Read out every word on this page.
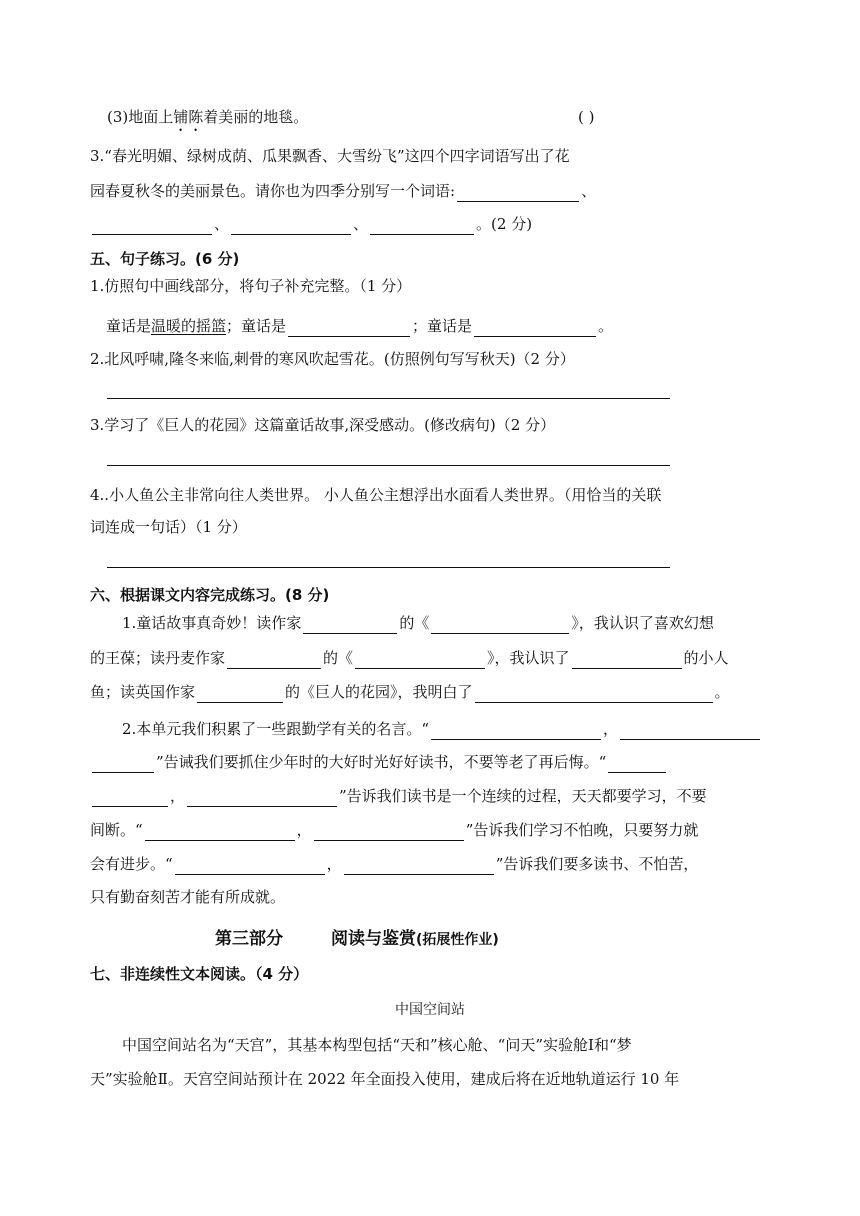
(3)地面上铺陈着美丽的地毯。	( )
3.“春光明媚、绿树成荫、瓜果飘香、大雪纷飞”这四个四字词语写出了花
园春夏秋冬的美丽景色。请你也为四季分别写一个词语:	、
、	、	。(2 分)
五、句子练习。(6 分)
1.仿照句中画线部分，将句子补充完整。（1 分）
童话是温暖的摇篮；童话是	；童话是	。
2.北风呼啸,隆冬来临,刺骨的寒风吹起雪花。(仿照例句写写秋天)（2 分）
3.学习了《巨人的花园》这篇童话故事,深受感动。(修改病句)（2 分）
4..小人鱼公主非常向往人类世界。 小人鱼公主想浮出水面看人类世界。（用恰当的关联
词连成一句话）（1 分）
六、根据课文内容完成练习。(8 分)
1.童话故事真奇妙！读作家	的《	》，我认识了喜欢幻想
的王葆；读丹麦作家	的《	》，我认识了	的小人
鱼；读英国作家	的《巨人的花园》，我明白了	。
2.本单元我们积累了一些跟勤学有关的名言。“	，
”告诫我们要抓住少年时的大好时光好好读书，不要等老了再后悔。“
，	”告诉我们读书是一个连续的过程，天天都要学习，不要
间断。“	，	”告诉我们学习不怕晚，只要努力就
会有进步。“	，	”告诉我们要多读书、不怕苦，
只有勤奋刻苦才能有所成就。
第三部分	阅读与鉴赏(拓展性作业)
七、非连续性文本阅读。（4 分）
中国空间站
中国空间站名为“天宫”，其基本构型包括“天和”核心舱、“问天”实验舱Ⅰ和“梦
天”实验舱Ⅱ。天宫空间站预计在 2022 年全面投入使用，建成后将在近地轨道运行 10 年
